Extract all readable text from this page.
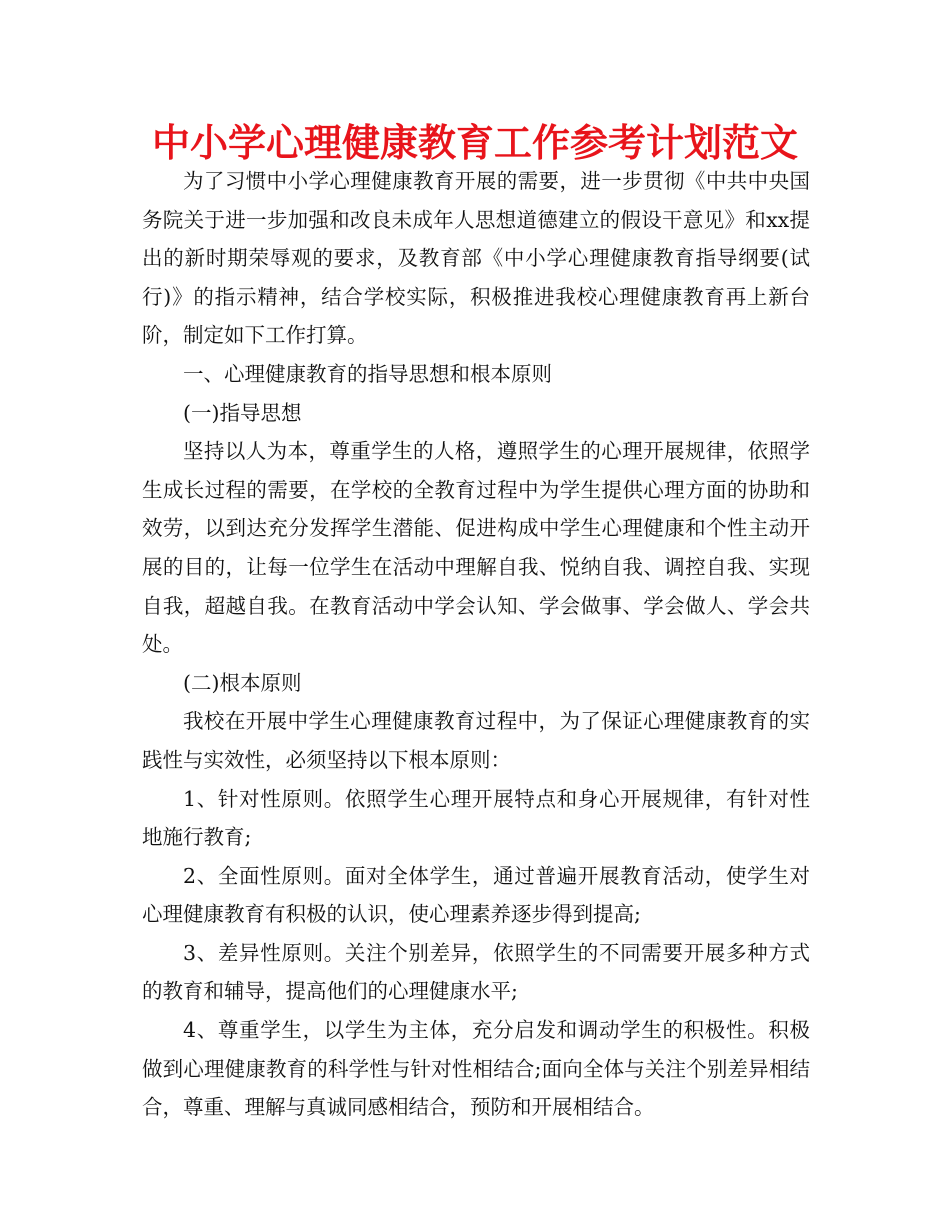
中小学心理健康教育工作参考计划范文

为了习惯中小学心理健康教育开展的需要，进一步贯彻《中共中央国务院关于进一步加强和改良未成年人思想道德建立的假设干意见》和xx提出的新时期荣辱观的要求，及教育部《中小学心理健康教育指导纲要(试行)》的指示精神，结合学校实际，积极推进我校心理健康教育再上新台阶，制定如下工作打算。

一、心理健康教育的指导思想和根本原则

(一)指导思想

坚持以人为本，尊重学生的人格，遵照学生的心理开展规律，依照学生成长过程的需要，在学校的全教育过程中为学生提供心理方面的协助和效劳，以到达充分发挥学生潜能、促进构成中学生心理健康和个性主动开展的目的，让每一位学生在活动中理解自我、悦纳自我、调控自我、实现自我，超越自我。在教育活动中学会认知、学会做事、学会做人、学会共处。

(二)根本原则

我校在开展中学生心理健康教育过程中，为了保证心理健康教育的实践性与实效性，必须坚持以下根本原则：

1、针对性原则。依照学生心理开展特点和身心开展规律，有针对性地施行教育;

2、全面性原则。面对全体学生，通过普遍开展教育活动，使学生对心理健康教育有积极的认识，使心理素养逐步得到提高;

3、差异性原则。关注个别差异，依照学生的不同需要开展多种方式的教育和辅导，提高他们的心理健康水平;

4、尊重学生，以学生为主体，充分启发和调动学生的积极性。积极做到心理健康教育的科学性与针对性相结合;面向全体与关注个别差异相结合，尊重、理解与真诚同感相结合，预防和开展相结合。
